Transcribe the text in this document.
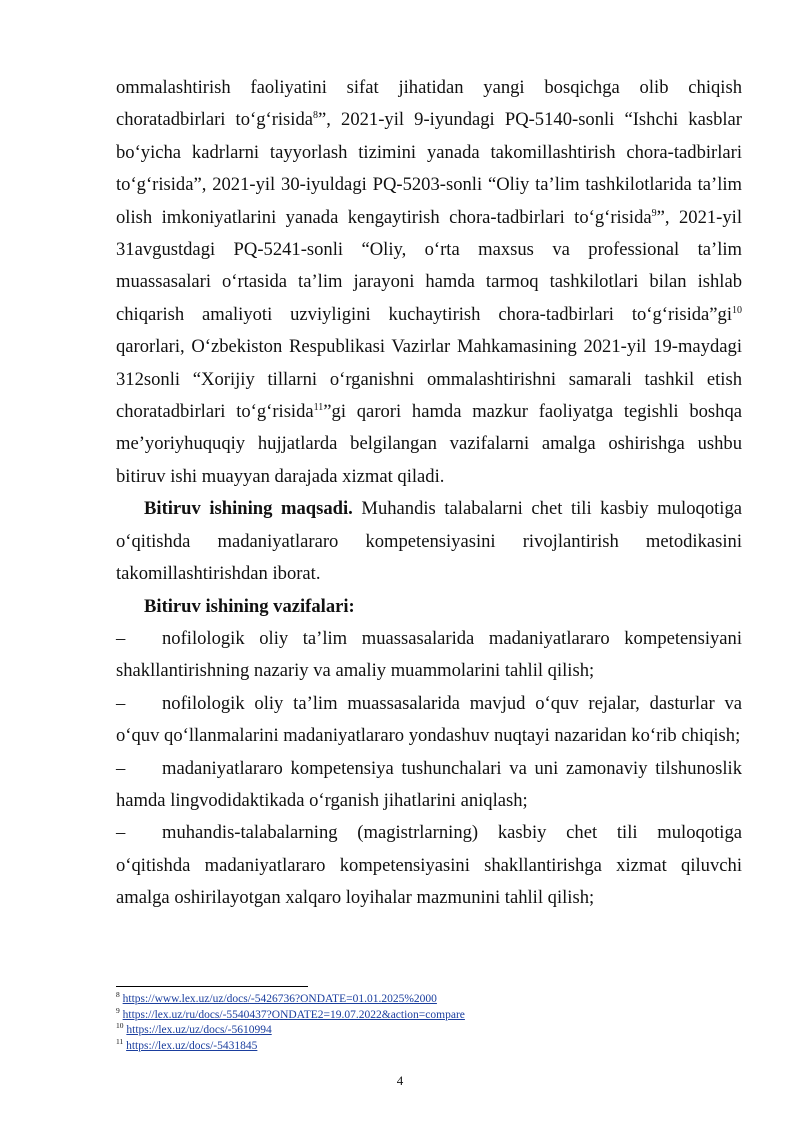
ommalashtirish faoliyatini sifat jihatidan yangi bosqichga olib chiqish choratadbirlari to‘g‘risida$^8$”, 2021-yil 9-iyundagi PQ-5140-sonli “Ishchi kasblar bo‘yicha kadrlarni tayyorlash tizimini yanada takomillashtirish chora-tadbirlari to‘g‘risida”, 2021-yil 30-iyuldagi PQ-5203-sonli “Oliy ta’lim tashkilotlarida ta’lim olish imkoniyatlarini yanada kengaytirish chora-tadbirlari to‘g‘risida$^9$”, 2021-yil 31avgustdagi PQ-5241-sonli “Oliy, o‘rta maxsus va professional ta’lim muassasalari o‘rtasida ta’lim jarayoni hamda tarmoq tashkilotlari bilan ishlab chiqarish amaliyoti uzviyligini kuchaytirish chora-tadbirlari $to‘g‘risida”gi^{10}$ qarorlari, O‘zbekiston Respublikasi Vazirlar Mahkamasining 2021-yil 19-maydagi 312sonli “Xorijiy tillarni o‘rganishni ommalashtirishni samarali tashkil etish choratadbirlari to‘g‘risida$^{11}$”gi qarori hamda mazkur faoliyatga tegishli boshqa me’yoriyhuquqiy hujjatlarda belgilangan vazifalarni amalga oshirishga ushbu bitiruv ishi muayyan darajada xizmat qiladi.

Bitiruv ishining maqsadi. Muhandis talabalarni chet tili kasbiy muloqotiga o‘qitishda madaniyatlararo kompetensiyasini rivojlantirish metodikasini takomillashtirishdan iborat.

Bitiruv ishining vazifalari:

– nofilologik oliy ta’lim muassasalarida madaniyatlararo kompetensiyani shakllantirishning nazariy va amaliy muammolarini tahlil qilish;

– nofilologik oliy ta’lim muassasalarida mavjud o‘quv rejalar, dasturlar va o‘quv qo‘llanmalarini madaniyatlararo yondashuv nuqtayi nazaridan ko‘rib chiqish;

– madaniyatlararo kompetensiya tushunchalari va uni zamonaviy tilshunoslik hamda lingvodidaktikada o‘rganish jihatlarini aniqlash;

– muhandis-talabalarning (magistrlarning) kasbiy chet tili muloqotiga o‘qitishda madaniyatlararo kompetensiyasini shakllantirishga xizmat qiluvchi amalga oshirilayotgan xalqaro loyihalar mazmunini tahlil qilish;

$^8$ https://www.lex.uz/uz/docs/-5426736?ONDATE=01.01.2025%2000
$^9$ https://lex.uz/ru/docs/-5540437?ONDATE2=19.07.2022&action=compare
$^{10}$ https://lex.uz/uz/docs/-5610994
$^{11}$ https://lex.uz/docs/-5431845
4
